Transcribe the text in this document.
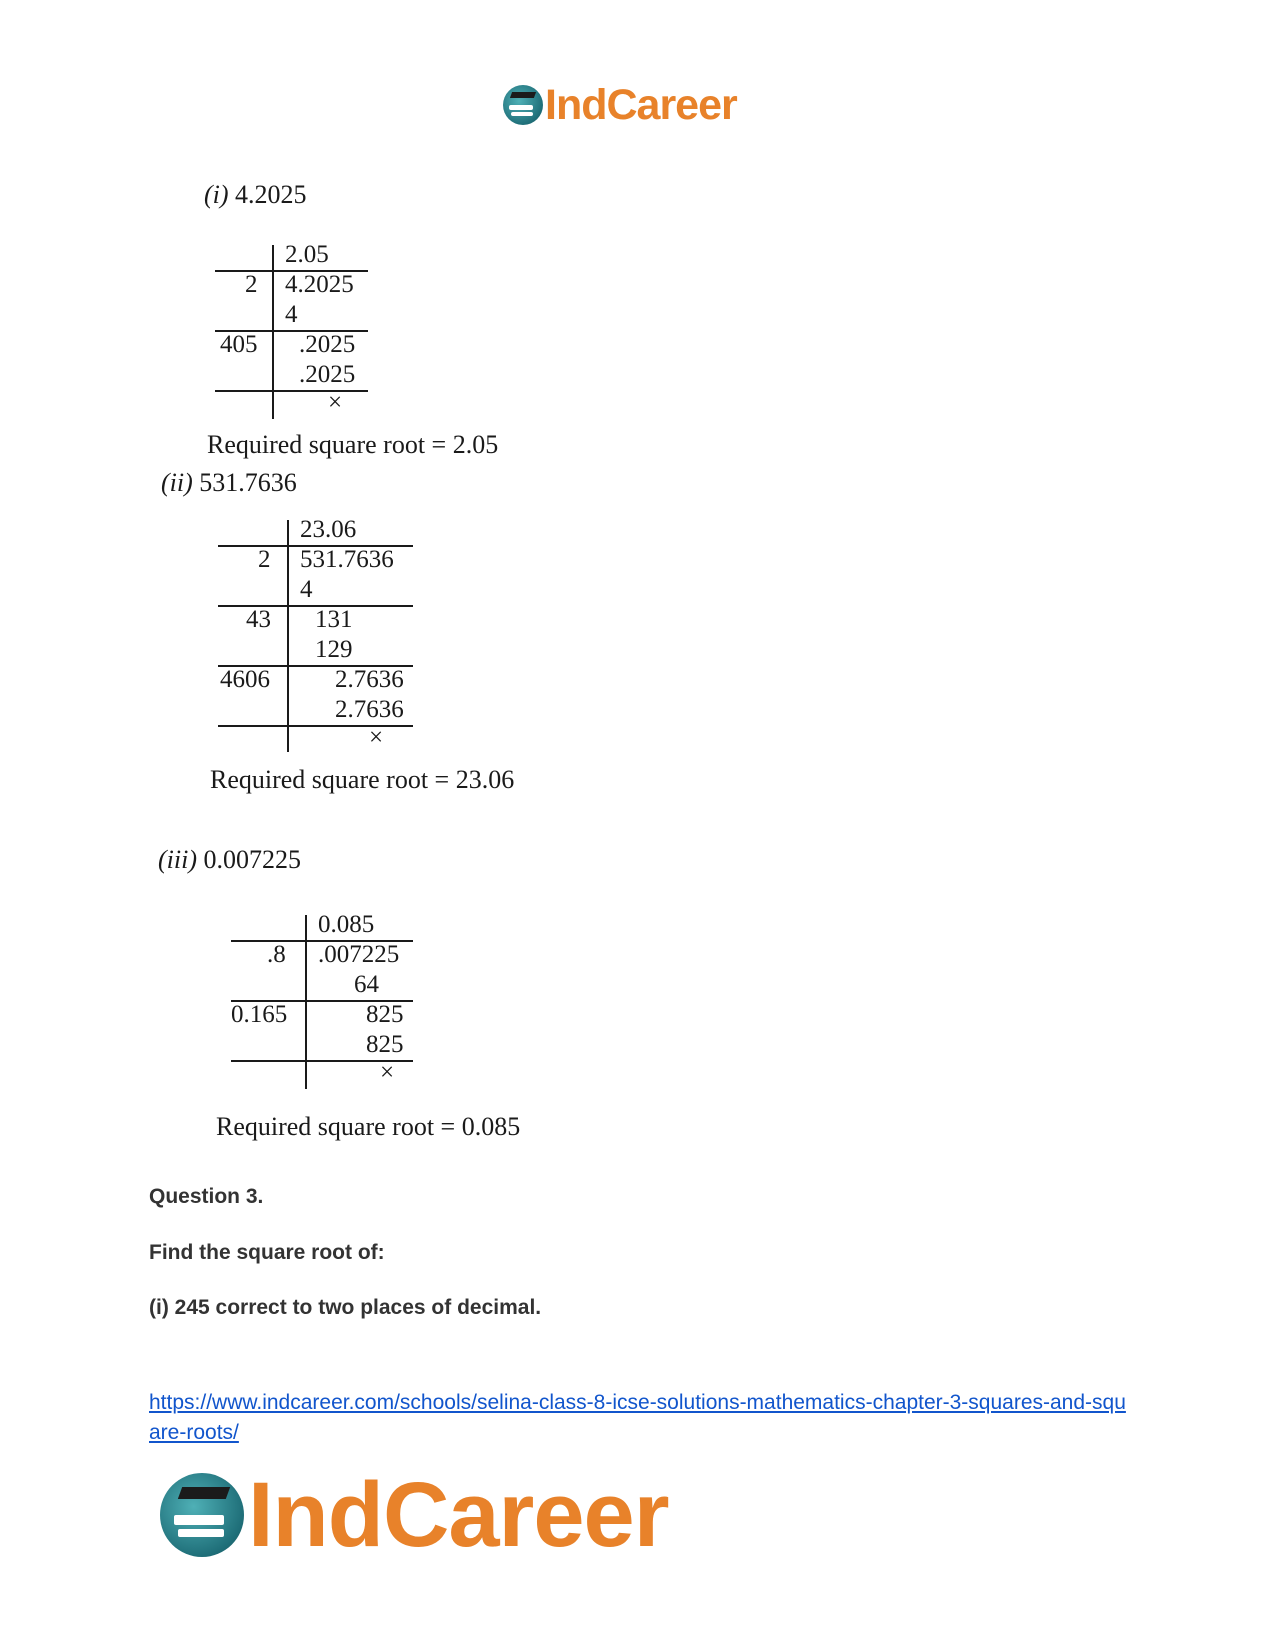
IndCareer
(i) 4.2025
2.05
2 4.2025
4
405 .2025
.2025
×
Required square root = 2.05
(ii) 531.7636
23.06
2 531.7636
4
43 131
129
4606	2.7636
2.7636
×
Required square root = 23.06
(iii) 0.007225
0.085
.8 .007225
64
0.165	825
825
×
Required square root = 0.085
Question 3.
Find the square root of:
(i) 245 correct to two places of decimal.
https://www.indcareer.com/schools/selina-class-8-icse-solutions-mathematics-chapter-3-squares-and-square-roots/
IndCareer
